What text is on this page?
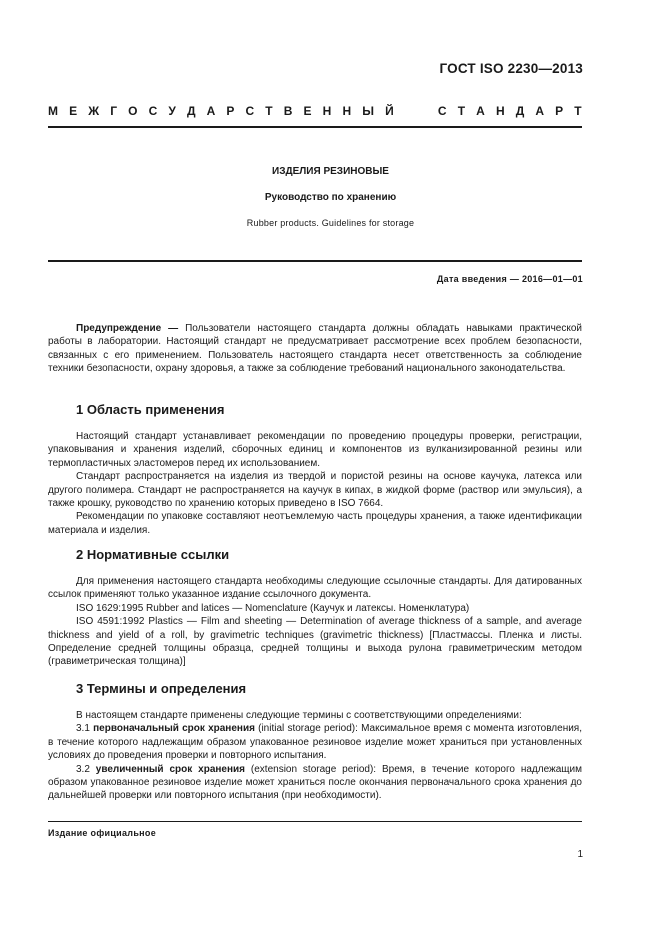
ГОСТ ISO 2230—2013
М Е Ж Г О С У Д А Р С Т В Е Н Н Ы Й	С Т А Н Д А Р Т
ИЗДЕЛИЯ РЕЗИНОВЫЕ
Руководство по хранению
Rubber products. Guidelines for storage
Дата введения — 2016—01—01

Предупреждение — Пользователи настоящего стандарта должны обладать навыками практической работы в лаборатории. Настоящий стандарт не предусматривает рассмотрение всех проблем безопасности, связанных с его применением. Пользователь настоящего стандарта несет ответственность за соблюдение техники безопасности, охрану здоровья, а также за соблюдение требований национального законодательства.

1 Область применения

Настоящий стандарт устанавливает рекомендации по проведению процедуры проверки, регистрации, упаковывания и хранения изделий, сборочных единиц и компонентов из вулканизированной резины или термопластичных эластомеров перед их использованием.

Стандарт распространяется на изделия из твердой и пористой резины на основе каучука, латекса или другого полимера. Стандарт не распространяется на каучук в кипах, в жидкой форме (раствор или эмульсия), а также крошку, руководство по хранению которых приведено в ISO 7664.

Рекомендации по упаковке составляют неотъемлемую часть процедуры хранения, а также идентификации материала и изделия.

2 Нормативные ссылки

Для применения настоящего стандарта необходимы следующие ссылочные стандарты. Для датированных ссылок применяют только указанное издание ссылочного документа.

ISO 1629:1995 Rubber and latices — Nomenclature (Каучук и латексы. Номенклатура)

ISO 4591:1992 Plastics — Film and sheeting — Determination of average thickness of a sample, and average thickness and yield of a roll, by gravimetric techniques (gravimetric thickness) [Пластмассы. Пленка и листы. Определение средней толщины образца, средней толщины и выхода рулона гравиметрическим методом (гравиметрическая толщина)]

3 Термины и определения

В настоящем стандарте применены следующие термины с соответствующими определениями:

3.1 первоначальный срок хранения (initial storage period): Максимальное время с момента изготовления, в течение которого надлежащим образом упакованное резиновое изделие может храниться при установленных условиях до проведения проверки и повторного испытания.

3.2 увеличенный срок хранения (extension storage period): Время, в течение которого надлежащим образом упакованное резиновое изделие может храниться после окончания первоначального срока хранения до дальнейшей проверки или повторного испытания (при необходимости).

Издание официальное
1
